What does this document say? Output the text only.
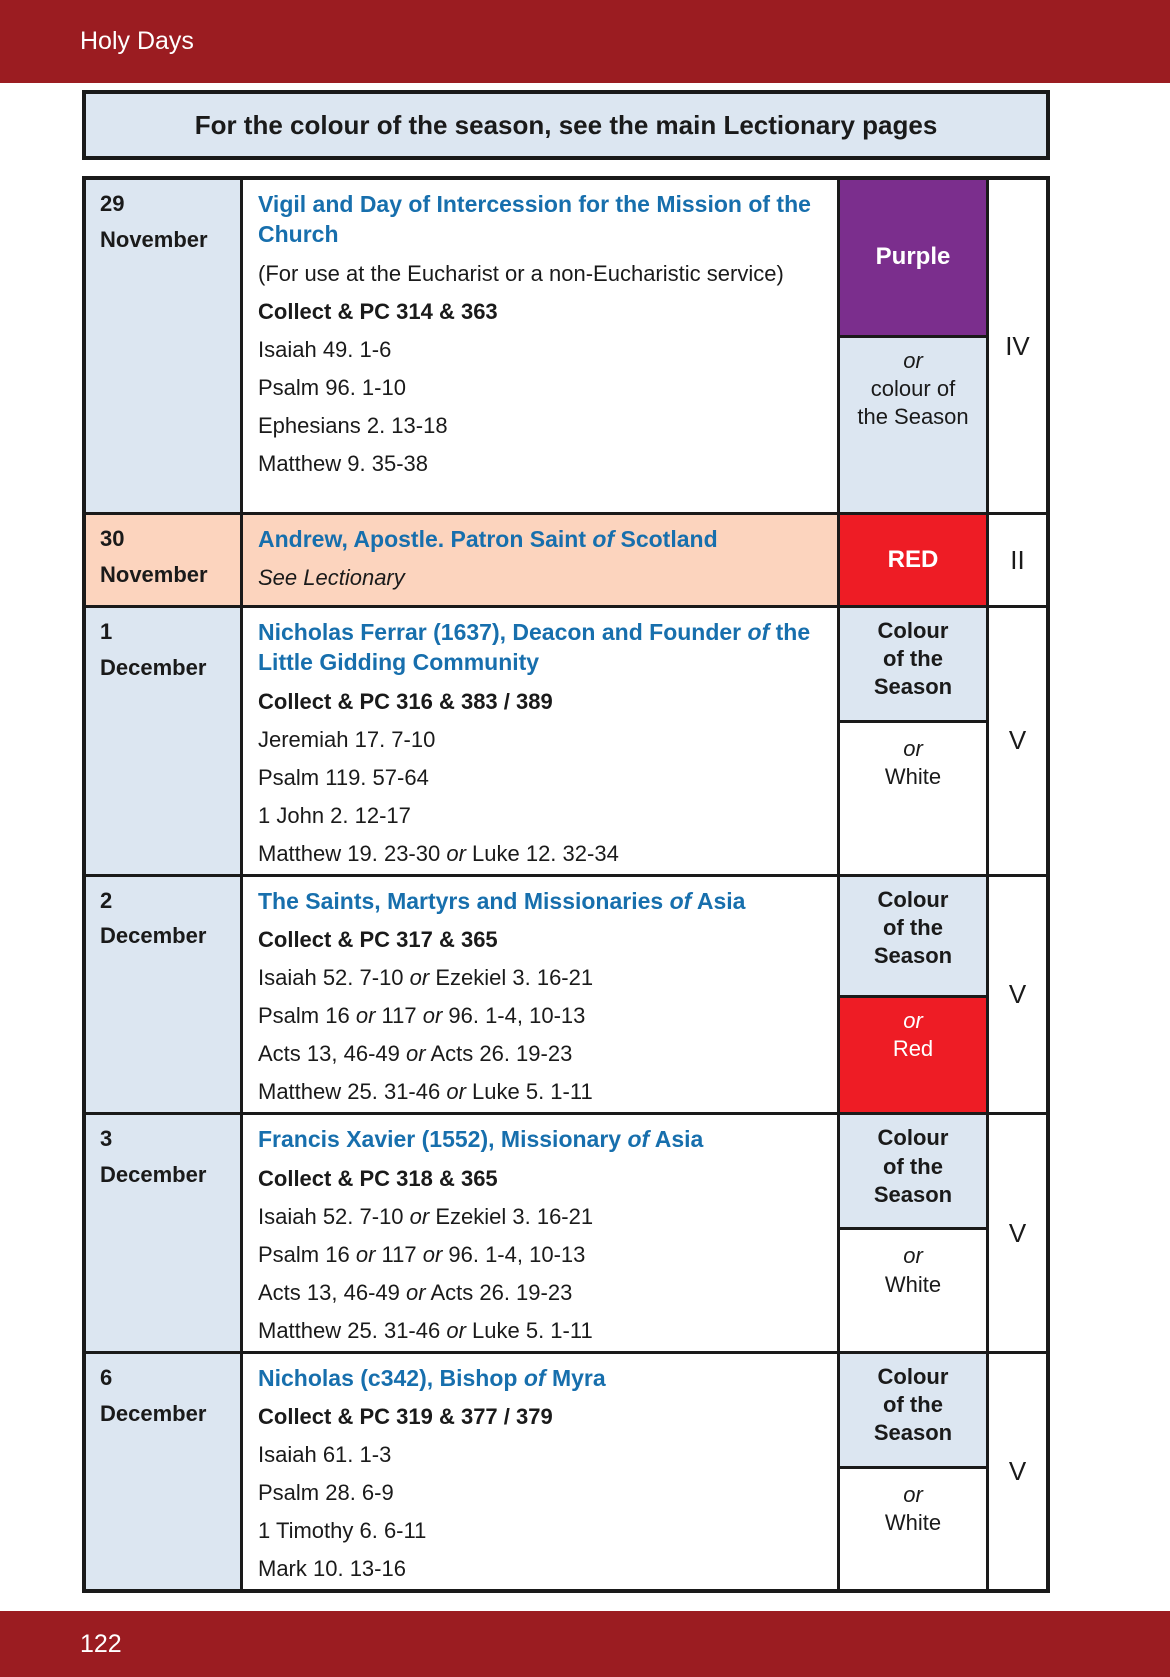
Holy Days
For the colour of the season, see the main Lectionary pages
29
November

Vigil and Day of Intercession for the Mission of the Church

(For use at the Eucharist or a non-Eucharistic service)

Collect & PC 314 & 363

Isaiah 49. 1-6

Psalm 96. 1-10

Ephesians 2. 13-18

Matthew 9. 35-38

Purple
or
colour of
the Season
IV
30
November

Andrew, Apostle. Patron Saint of Scotland

See Lectionary

RED	II
1
December

Nicholas Ferrar (1637), Deacon and Founder of the Little Gidding Community

Collect & PC 316 & 383 / 389

Jeremiah 17. 7-10

Psalm 119. 57-64

1 John 2. 12-17

Matthew 19. 23-30 or Luke 12. 32-34

Colour
of the
Season
or
White
V
2
December

The Saints, Martyrs and Missionaries of Asia

Collect & PC 317 & 365

Isaiah 52. 7-10 or Ezekiel 3. 16-21

Psalm 16 or 117 or 96. 1-4, 10-13

Acts 13, 46-49 or Acts 26. 19-23

Matthew 25. 31-46 or Luke 5. 1-11

Colour
of the
Season
or
Red
V
3
December

Francis Xavier (1552), Missionary of Asia

Collect & PC 318 & 365

Isaiah 52. 7-10 or Ezekiel 3. 16-21

Psalm 16 or 117 or 96. 1-4, 10-13

Acts 13, 46-49 or Acts 26. 19-23

Matthew 25. 31-46 or Luke 5. 1-11

Colour
of the
Season
or
White
V
6
December

Nicholas (c342), Bishop of Myra

Collect & PC 319 & 377 / 379

Isaiah 61. 1-3

Psalm 28. 6-9

1 Timothy 6. 6-11

Mark 10. 13-16

Colour
of the
Season
or
White
V
122
